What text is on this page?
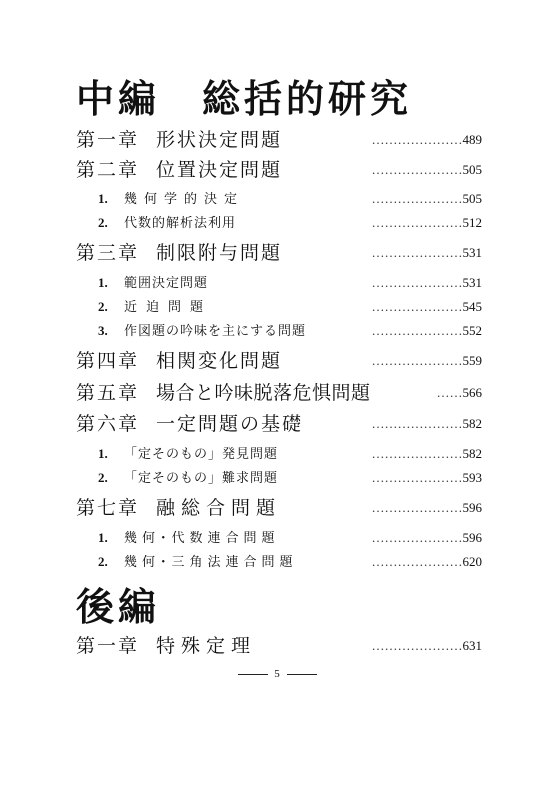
中編　総括的研究
第一章 形状決定問題	…………………489
第二章 位置決定問題	…………………505
1. 幾何学的決定	…………………505
2. 代数的解析法利用	…………………512
第三章 制限附与問題	…………………531
1. 範囲決定問題	…………………531
2. 近迫問題	…………………545
3. 作図題の吟味を主にする問題	…………………552
第四章 相関変化問題	…………………559
第五章 場合と吟味脱落危惧問題	……566
第六章 一定問題の基礎	…………………582
1. 「定そのもの」発見問題	…………………582
2. 「定そのもの」難求問題	…………………593
第七章 融総合問題	…………………596
1. 幾何･代数連合問題	…………………596
2. 幾何･三角法連合問題	…………………620
後編
第一章 特殊定理	…………………631
5
